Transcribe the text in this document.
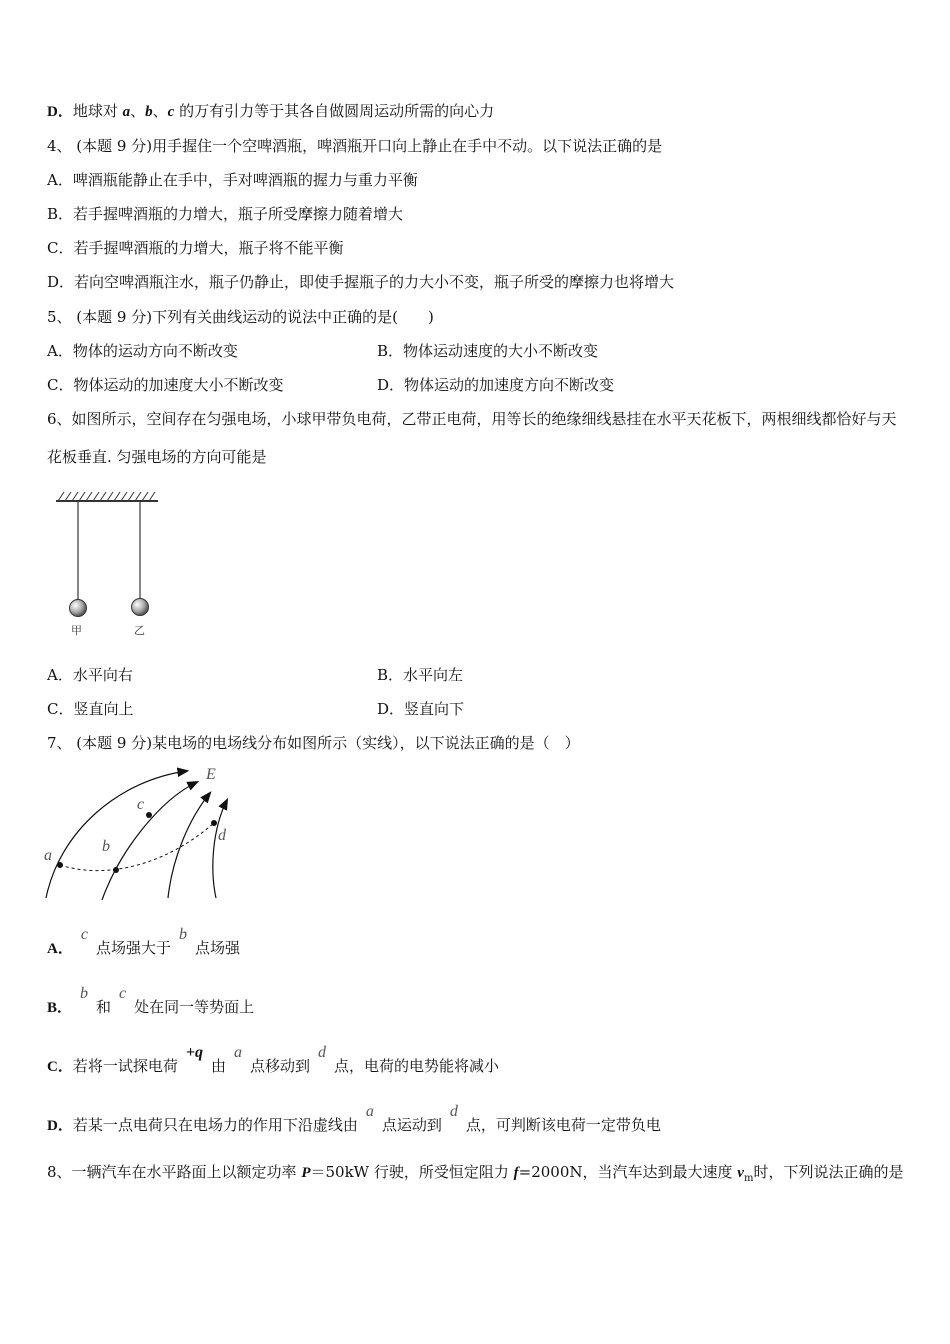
D．地球对 a、b、c 的万有引力等于其各自做圆周运动所需的向心力
4、 (本题 9 分)用手握住一个空啤酒瓶，啤酒瓶开口向上静止在手中不动。以下说法正确的是
A．啤酒瓶能静止在手中，手对啤酒瓶的握力与重力平衡
B．若手握啤酒瓶的力增大，瓶子所受摩擦力随着增大
C．若手握啤酒瓶的力增大，瓶子将不能平衡
D．若向空啤酒瓶注水，瓶子仍静止，即使手握瓶子的力大小不变，瓶子所受的摩擦力也将增大
5、 (本题 9 分)下列有关曲线运动的说法中正确的是(　　)
A．物体的运动方向不断改变	B．物体运动速度的大小不断改变
C．物体运动的加速度大小不断改变	D．物体运动的加速度方向不断改变
6、如图所示，空间存在匀强电场，小球甲带负电荷，乙带正电荷，用等长的绝缘细线悬挂在水平天花板下，两根细线都恰好与天花板垂直. 匀强电场的方向可能是
甲	乙
A．水平向右	B．水平向左
C．竖直向上	D．竖直向下
7、 (本题 9 分)某电场的电场线分布如图所示（实线），以下说法正确的是（　）
E
a
b
c
d
A．c点场强大于b点场强
B．b和c处在同一等势面上
C．若将一试探电荷+q由a点移动到d点，电荷的电势能将减小
D．若某一点电荷只在电场力的作用下沿虚线由a点运动到d点，可判断该电荷一定带负电
8、一辆汽车在水平路面上以额定功率 P＝50kW 行驶，所受恒定阻力 f=2000N，当汽车达到最大速度 $v_m$时，下列说法正确的是
